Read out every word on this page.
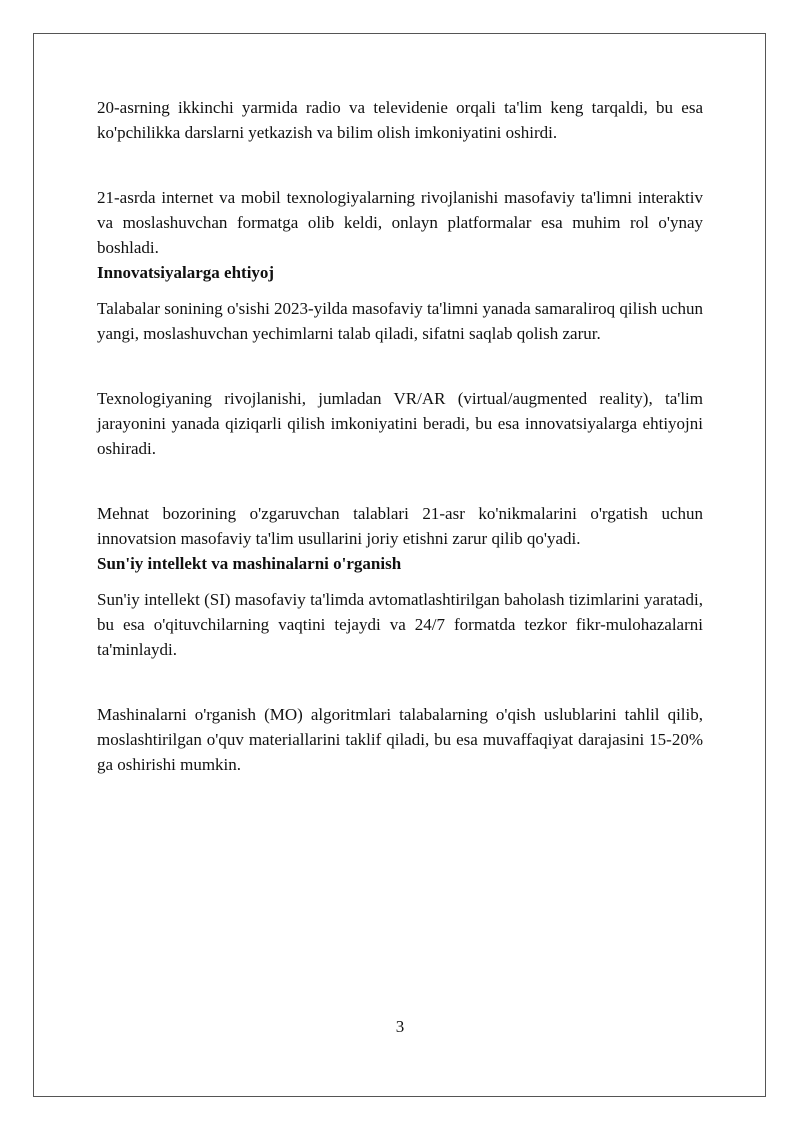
20-asrning ikkinchi yarmida radio va televidenie orqali ta'lim keng tarqaldi, bu esa ko'pchilikka darslarni yetkazish va bilim olish imkoniyatini oshirdi.

21-asrda internet va mobil texnologiyalarning rivojlanishi masofaviy ta'limni interaktiv va moslashuvchan formatga olib keldi, onlayn platformalar esa muhim rol o'ynay boshladi.

Innovatsiyalarga ehtiyoj

Talabalar sonining o'sishi 2023-yilda masofaviy ta'limni yanada samaraliroq qilish uchun yangi, moslashuvchan yechimlarni talab qiladi, sifatni saqlab qolish zarur.

Texnologiyaning rivojlanishi, jumladan VR/AR (virtual/augmented reality), ta'lim jarayonini yanada qiziqarli qilish imkoniyatini beradi, bu esa innovatsiyalarga ehtiyojni oshiradi.

Mehnat bozorining o'zgaruvchan talablari 21-asr ko'nikmalarini o'rgatish uchun innovatsion masofaviy ta'lim usullarini joriy etishni zarur qilib qo'yadi.

Sun'iy intellekt va mashinalarni o'rganish

Sun'iy intellekt (SI) masofaviy ta'limda avtomatlashtirilgan baholash tizimlarini yaratadi, bu esa o'qituvchilarning vaqtini tejaydi va 24/7 formatda tezkor fikr-mulohazalarni ta'minlaydi.

Mashinalarni o'rganish (MO) algoritmlari talabalarning o'qish uslublarini tahlil qilib, moslashtirilgan o'quv materiallarini taklif qiladi, bu esa muvaffaqiyat darajasini 15-20% ga oshirishi mumkin.

3
